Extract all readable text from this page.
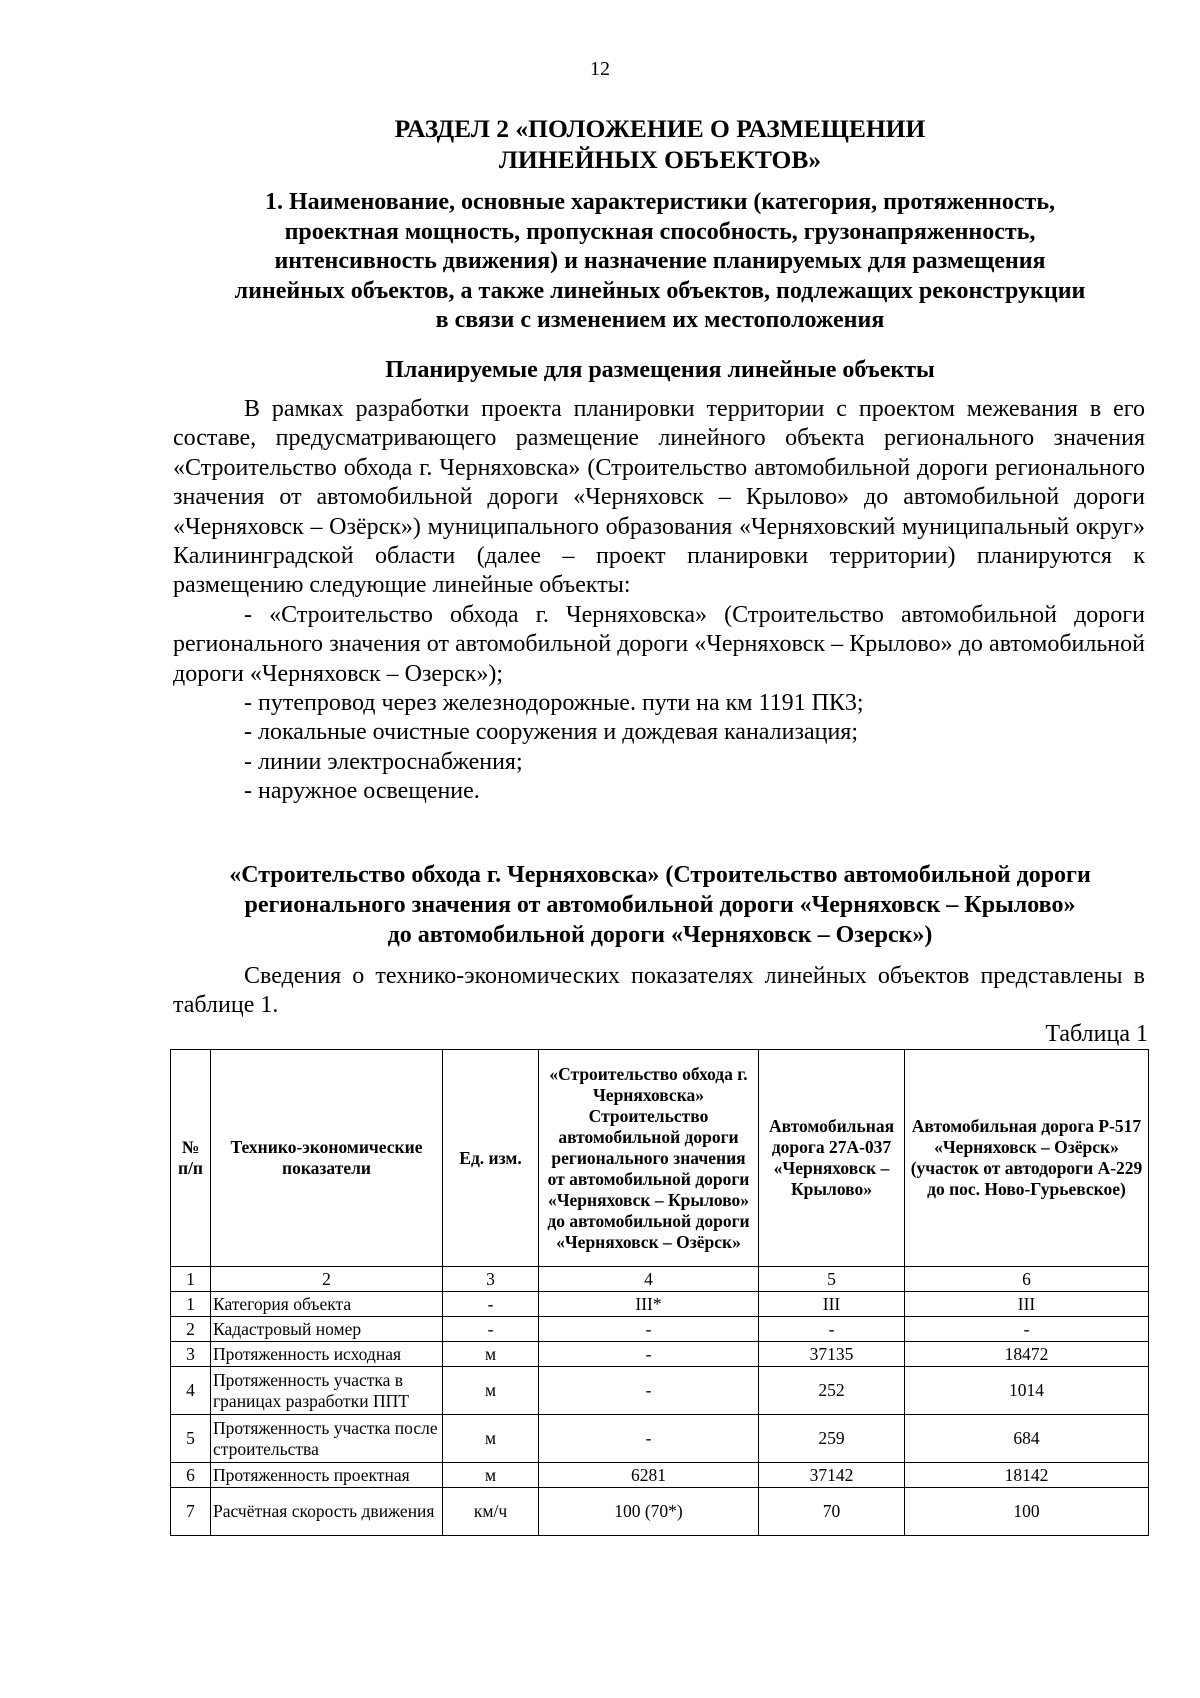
12
РАЗДЕЛ 2 «ПОЛОЖЕНИЕ О РАЗМЕЩЕНИИ
ЛИНЕЙНЫХ ОБЪЕКТОВ»
1. Наименование, основные характеристики (категория, протяженность,
проектная мощность, пропускная способность, грузонапряженность,
интенсивность движения) и назначение планируемых для размещения
линейных объектов, а также линейных объектов, подлежащих реконструкции
в связи с изменением их местоположения
Планируемые для размещения линейные объекты

В рамках разработки проекта планировки территории с проектом межевания в его составе, предусматривающего размещение линейного объекта регионального значения «Строительство обхода г. Черняховска» (Строительство автомобильной дороги регионального значения от автомобильной дороги «Черняховск – Крылово» до автомобильной дороги «Черняховск – Озёрск») муниципального образования «Черняховский муниципальный округ» Калининградской области (далее – проект планировки территории) планируются к размещению следующие линейные объекты:

- «Строительство обхода г. Черняховска» (Строительство автомобильной дороги регионального значения от автомобильной дороги «Черняховск – Крылово» до автомобильной дороги «Черняховск – Озерск»);

- путепровод через железнодорожные. пути на км 1191 ПК3;

- локальные очистные сооружения и дождевая канализация;

- линии электроснабжения;

- наружное освещение.

«Строительство обхода г. Черняховска» (Строительство автомобильной дороги
регионального значения от автомобильной дороги «Черняховск – Крылово»
до автомобильной дороги «Черняховск – Озерск»)

Сведения о технико-экономических показателях линейных объектов представлены в таблице 1.

Таблица 1
№ п/п	Технико-экономические показатели	Ед. изм.	«Строительство обхода г. Черняховска» Строительство автомобильной дороги регионального значения от автомобильной дороги «Черняховск – Крылово» до автомобильной дороги «Черняховск – Озёрск»	Автомобильная дорога 27А-037 «Черняховск – Крылово»	Автомобильная дорога Р-517 «Черняховск – Озёрск» (участок от автодороги А-229 до пос. Ново-Гурьевское)
1	2	3	4	5	6
1	Категория объекта	-	III*	III	III
2	Кадастровый номер	-	-	-	-
3	Протяженность исходная	м	-	37135	18472
4	Протяженность участка в границах разработки ППТ	м	-	252	1014
5	Протяженность участка после строительства	м	-	259	684
6	Протяженность проектная	м	6281	37142	18142
7	Расчётная скорость движения	км/ч	100 (70*)	70	100
